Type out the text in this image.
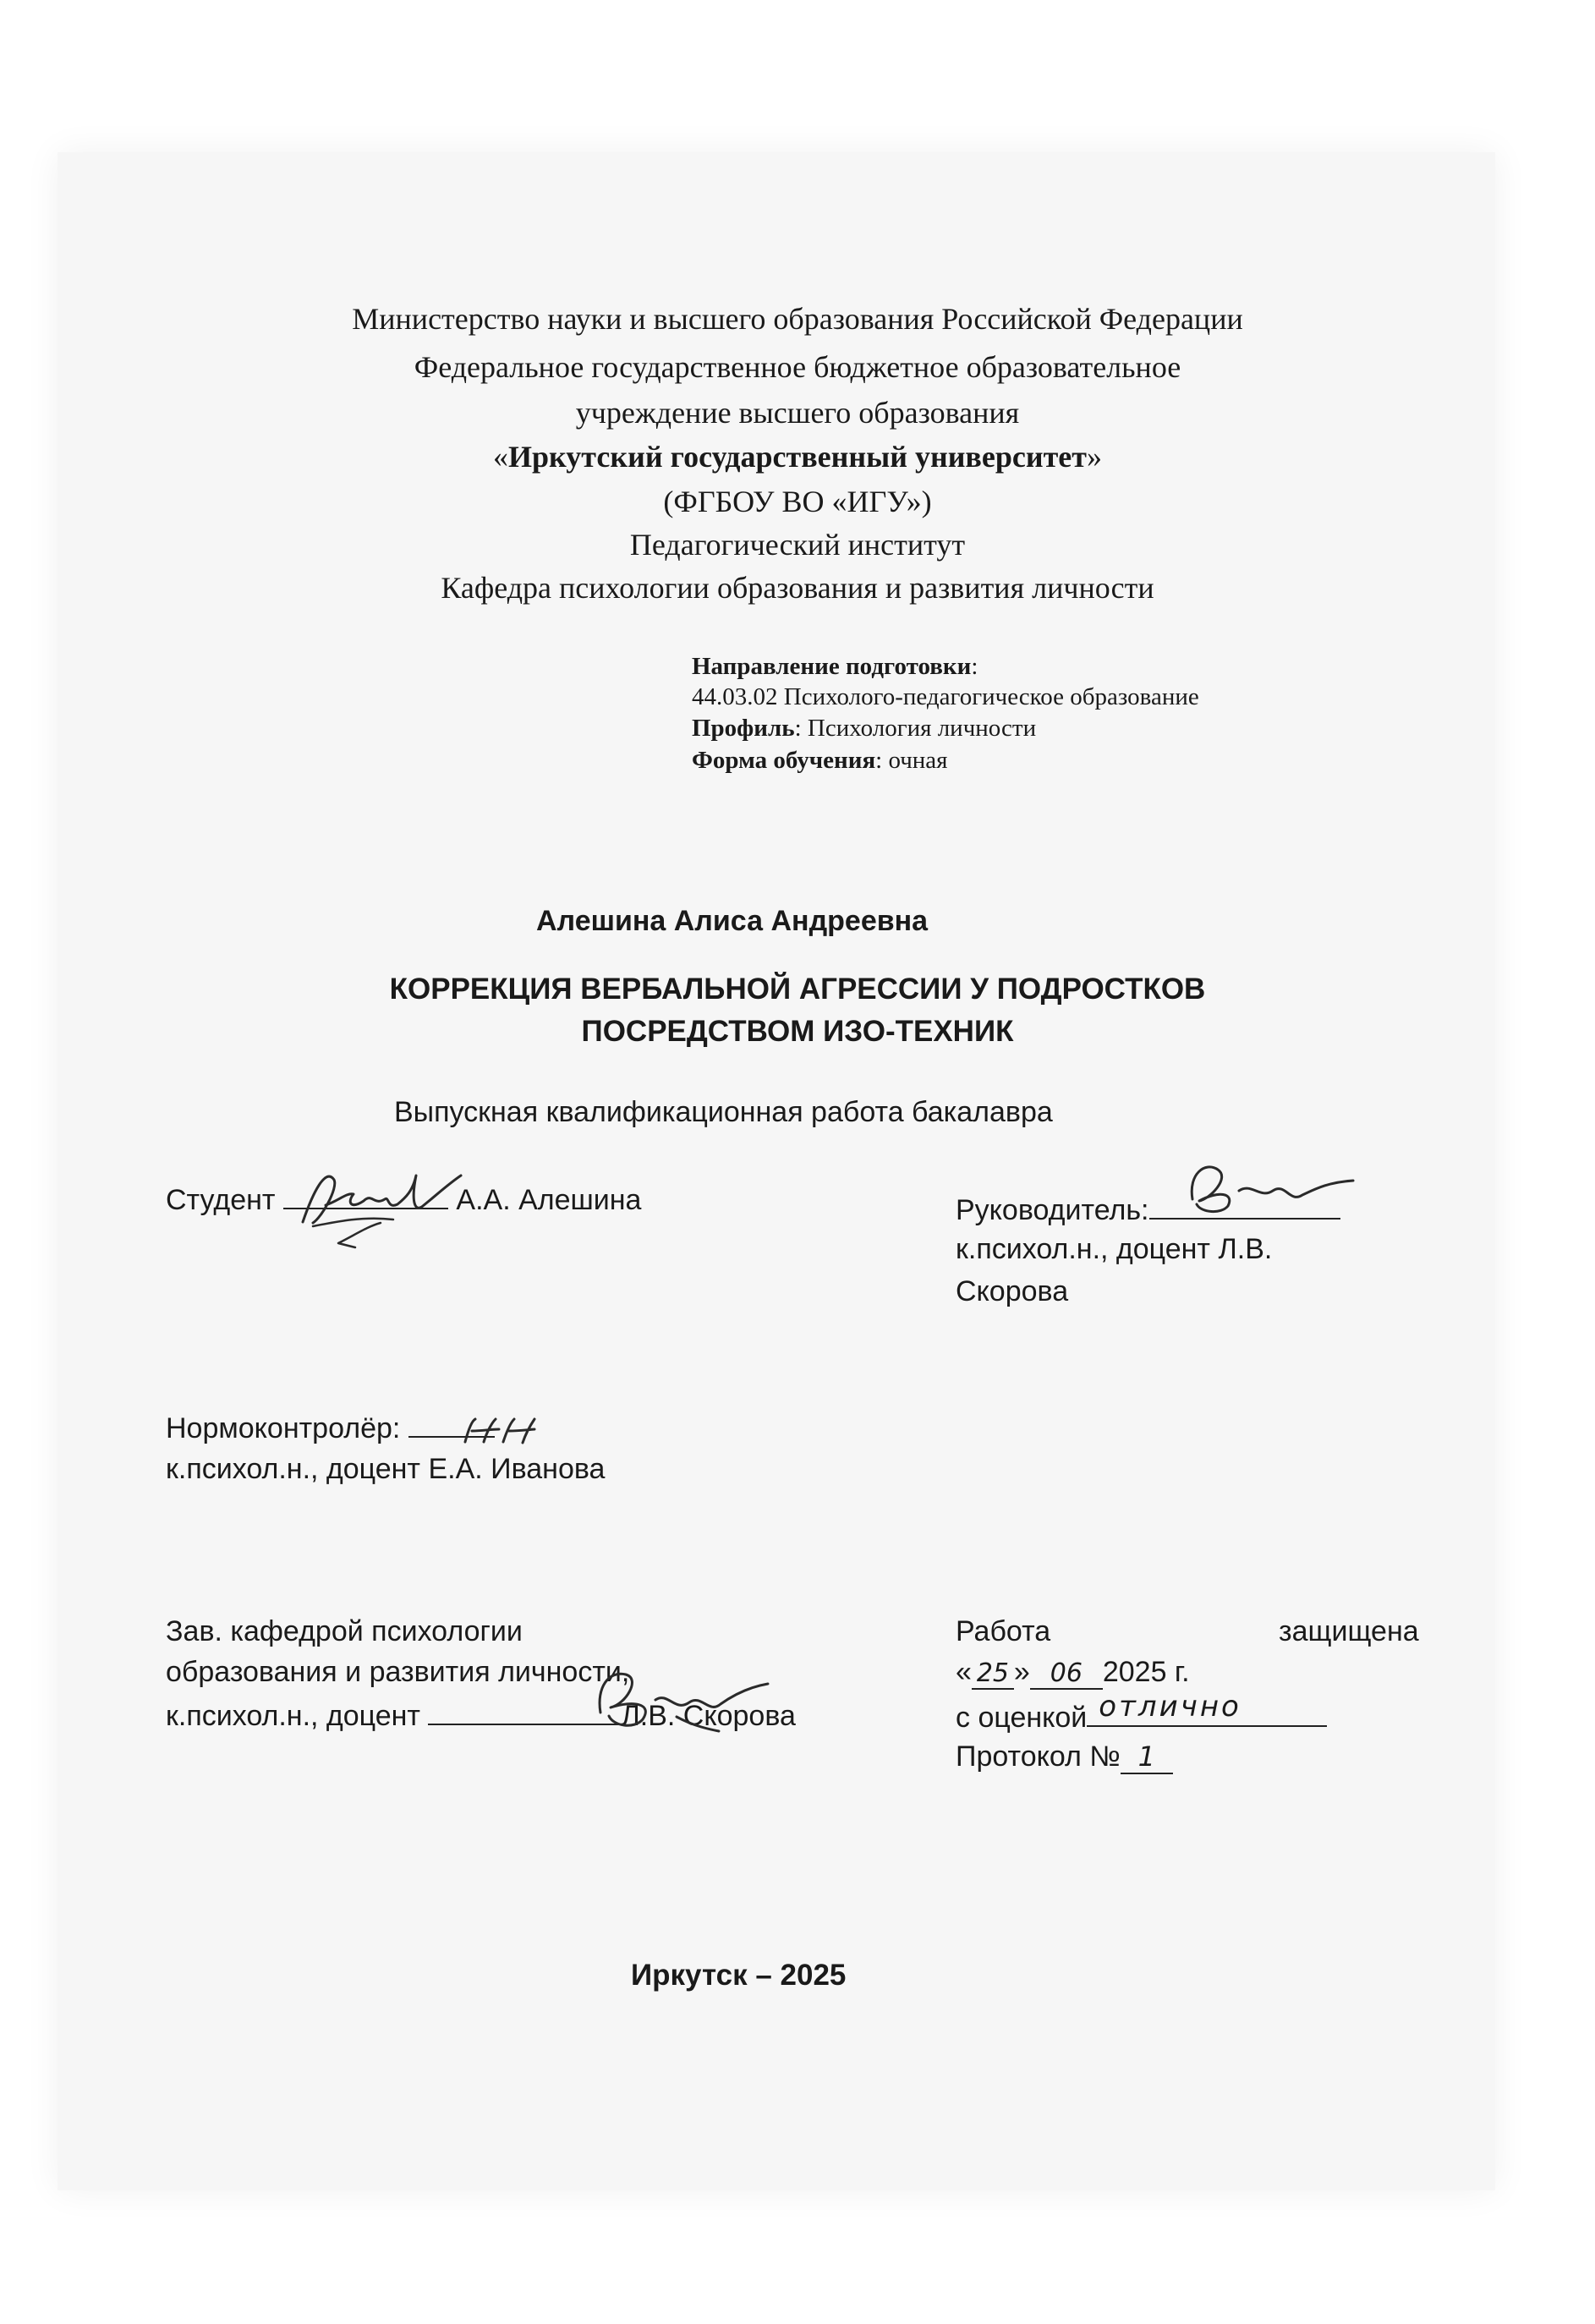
Министерство науки и высшего образования Российской Федерации
Федеральное государственное бюджетное образовательное
учреждение высшего образования
«Иркутский государственный университет»
(ФГБОУ ВО «ИГУ»)
Педагогический институт
Кафедра психологии образования и развития личности
Направление подготовки:
44.03.02 Психолого-педагогическое образование
Профиль: Психология личности
Форма обучения: очная
Алешина Алиса Андреевна
КОРРЕКЦИЯ ВЕРБАЛЬНОЙ АГРЕССИИ У ПОДРОСТКОВ
ПОСРЕДСТВОМ ИЗО-ТЕХНИК
Выпускная квалификационная работа бакалавра
Студент	А.А. Алешина	Руководитель:
к.психол.н., доцент Л.В.
Скорова
Нормоконтролёр:
к.психол.н., доцент Е.А. Иванова
Зав. кафедрой психологии
образования и развития личности,
к.психол.н., доцент	Л.В. Скорова
Работа	защищена
« 25 » 06 2025 г.
с оценкой отлично
Протокол № 1
Иркутск – 2025
